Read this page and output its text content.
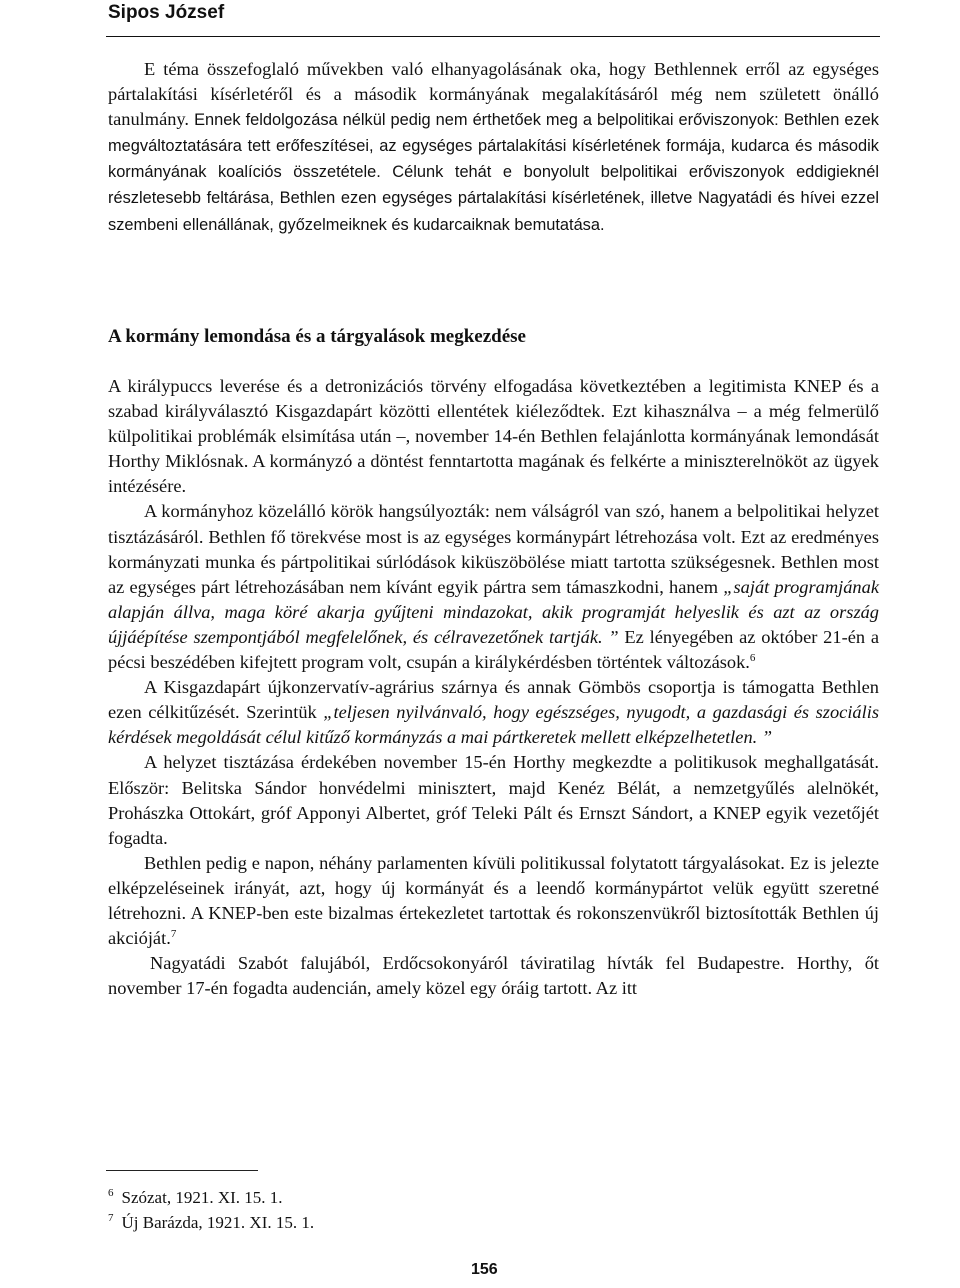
Sipos József

E téma összefoglaló művekben való elhanyagolásának oka, hogy Bethlennek erről az egységes pártalakítási kísérletéről és a második kormányának megalakításáról még nem született önálló tanulmány. Ennek feldolgozása nélkül pedig nem érthetőek meg a belpolitikai erőviszonyok: Bethlen ezek megváltoztatására tett erőfeszítései, az egységes pártalakítási kísérletének formája, kudarca és második kormányának koalíciós összetétele. Célunk tehát e bonyolult belpolitikai erőviszonyok eddigieknél részletesebb feltárása, Bethlen ezen egységes pártalakítási kísérletének, illetve Nagyatádi és hívei ezzel szembeni ellenállának, győzelmeiknek és kudarcaiknak bemutatása.

A kormány lemondása és a tárgyalások megkezdése

A királypuccs leverése és a detronizációs törvény elfogadása következtében a legitimista KNEP és a szabad királyválasztó Kisgazdapárt közötti ellentétek kiéleződtek. Ezt kihasználva – a még felmerülő külpolitikai problémák elsimítása után –, november 14-én Bethlen felajánlotta kormányának lemondását Horthy Miklósnak. A kormányzó a döntést fenntartotta magának és felkérte a miniszterelnököt az ügyek intézésére.

A kormányhoz közelálló körök hangsúlyozták: nem válságról van szó, hanem a belpolitikai helyzet tisztázásáról. Bethlen fő törekvése most is az egységes kormánypárt létrehozása volt. Ezt az eredményes kormányzati munka és pártpolitikai súrlódások kiküszöbölése miatt tartotta szükségesnek. Bethlen most az egységes párt létrehozásában nem kívánt egyik pártra sem támaszkodni, hanem „saját programjának alapján állva, maga köré akarja gyűjteni mindazokat, akik programját helyeslik és azt az ország újjáépítése szempontjából megfelelőnek, és célravezetőnek tartják. ” Ez lényegében az október 21-én a pécsi beszédében kifejtett program volt, csupán a királykérdésben történtek változások.$^6$

A Kisgazdapárt újkonzervatív-agrárius szárnya és annak Gömbös csoportja is támogatta Bethlen ezen célkitűzését. Szerintük „teljesen nyilvánvaló, hogy egészséges, nyugodt, a gazdasági és szociális kérdések megoldását célul kitűző kormányzás a mai pártkeretek mellett elképzelhetetlen. ”

A helyzet tisztázása érdekében november 15-én Horthy megkezdte a politikusok meghallgatását. Először: Belitska Sándor honvédelmi minisztert, majd Kenéz Bélát, a nemzetgyűlés alelnökét, Prohászka Ottokárt, gróf Apponyi Albertet, gróf Teleki Pált és Ernszt Sándort, a KNEP egyik vezetőjét fogadta.

Bethlen pedig e napon, néhány parlamenten kívüli politikussal folytatott tárgyalásokat. Ez is jelezte elképzeléseinek irányát, azt, hogy új kormányát és a leendő kormánypártot velük együtt szeretné létrehozni. A KNEP-ben este bizalmas értekezletet tartottak és rokonszenvükről biztosították Bethlen új akcióját.$^7$

Nagyatádi Szabót falujából, Erdőcsokonyáról táviratilag hívták fel Budapestre. Horthy, őt november 17-én fogadta audencián, amely közel egy óráig tartott. Az itt

$^6$ Szózat, 1921. XI. 15. 1.
$^7$ Új Barázda, 1921. XI. 15. 1.
156
